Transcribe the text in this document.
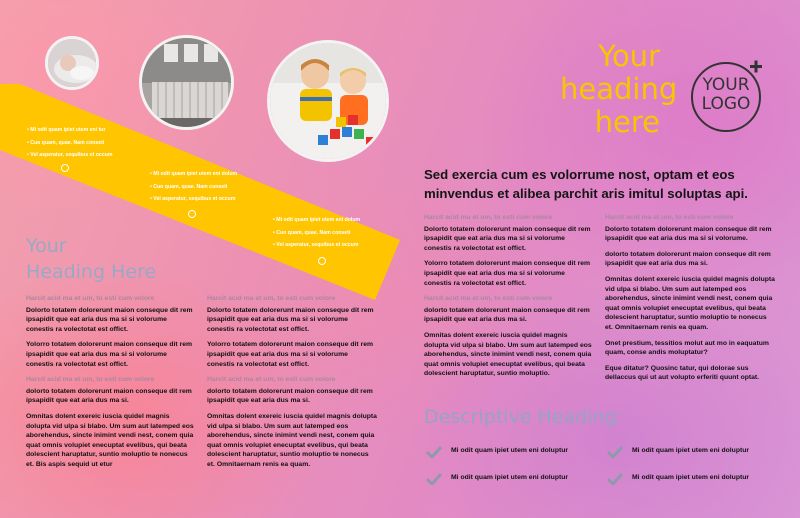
• Mi odit quam ipiet utem eni tur
• Cuo quam, quae. Nam conseti
• Vel asperatur, sequibus et occum
• Mi odit quam ipiet utem eni dolum
• Cuo quam, quae. Nam conseti
• Vel asperatur, sequibus et occum
• Mi odit quam ipiet utem eni dolum
• Cuo quam, quae. Nam conseti
• Vel asperatur, sequibus et occum
Your
Heading Here
Harcit acid ma et um, to esti cum volore

Dolorto totatem dolorerunt maion conseque dit rem ipsapidit que eat aria dus ma si si volorume conestis ra volectotat est offict.

Yolorro totatem dolorerunt maion conseque dit rem ipsapidit que eat aria dus ma si si volorume conestis ra volectotat est offict.

Harcit acid ma et um, to esti cum volore

dolorto totatem dolorerunt maion conseque dit rem ipsapidit que eat aria dus ma si.

Omnitas dolent exereic iuscia quidel magnis dolupta vid ulpa si blabo. Um sum aut latemped eos aborehendus, sincte inimint vendi nest, conem quia quat omnis volupiet enecuptat evelibus, qui beata dolescient haruptatur, suntio moluptio te nonecus et. Bis aspis sequid ut etur

Harcit acid ma et um, to esti cum volore

Dolorto totatem dolorerunt maion conseque dit rem ipsapidit que eat aria dus ma si si volorume conestis ra volectotat est offict.

Yolorro totatem dolorerunt maion conseque dit rem ipsapidit que eat aria dus ma si si volorume conestis ra volectotat est offict.

Harcit acid ma et um, to esti cum volore

dolorto totatem dolorerunt maion conseque dit rem ipsapidit que eat aria dus ma si.

Omnitas dolent exereic iuscia quidel magnis dolupta vid ulpa si blabo. Um sum aut latemped eos aborehendus, sincte inimint vendi nest, conem quia quat omnis volupiet enecuptat evelibus, qui beata dolescient haruptatur, suntio moluptio te nonecus et. Omnitaernam renis ea quam.

Your
heading
here
YOUR
LOGO
Sed exercia cum es volorrume nost, optam et eos minvendus et alibea parchit aris imitul soluptas api.
Harcit acid ma et um, to esti cum volore

Dolorto totatem dolorerunt maion conseque dit rem ipsapidit que eat aria dus ma si si volorume conestis ra volectotat est offict.

Yolorro totatem dolorerunt maion conseque dit rem ipsapidit que eat aria dus ma si si volorume conestis ra volectotat est offict.

Harcit acid ma et um, to esti cum volore

dolorto totatem dolorerunt maion conseque dit rem ipsapidit que eat aria dus ma si.

Omnitas dolent exereic iuscia quidel magnis dolupta vid ulpa si blabo. Um sum aut latemped eos aborehendus, sincte inimint vendi nest, conem quia quat omnis volupiet enecuptat evelibus, qui beata dolescient haruptatur, suntio moluptio.

Harcit acid ma et um, to esti cum volore

Dolorto totatem dolorerunt maion conseque dit rem ipsapidit que eat aria dus ma si si volorume.

dolorto totatem dolorerunt maion conseque dit rem ipsapidit que eat aria dus ma si.

Omnitas dolent exereic iuscia quidel magnis dolupta vid ulpa si blabo. Um sum aut latemped eos aborehendus, sincte inimint vendi nest, conem quia quat omnis volupiet enecuptat evelibus, qui beata dolescient haruptatur, suntio moluptio te nonecus et. Omnitaernam renis ea quam.

Onet prestium, tessitios molut aut mo in eaquatum quam, conse andis moluptatur?

Eque ditatur? Quosinc tatur, qui dolorae sus dellaccus qui ut aut volupto erferiti quunt optat.

Descriptive Heading:
Mi odit quam ipiet utem eni doluptur
Mi odit quam ipiet utem eni doluptur
Mi odit quam ipiet utem eni doluptur
Mi odit quam ipiet utem eni doluptur
